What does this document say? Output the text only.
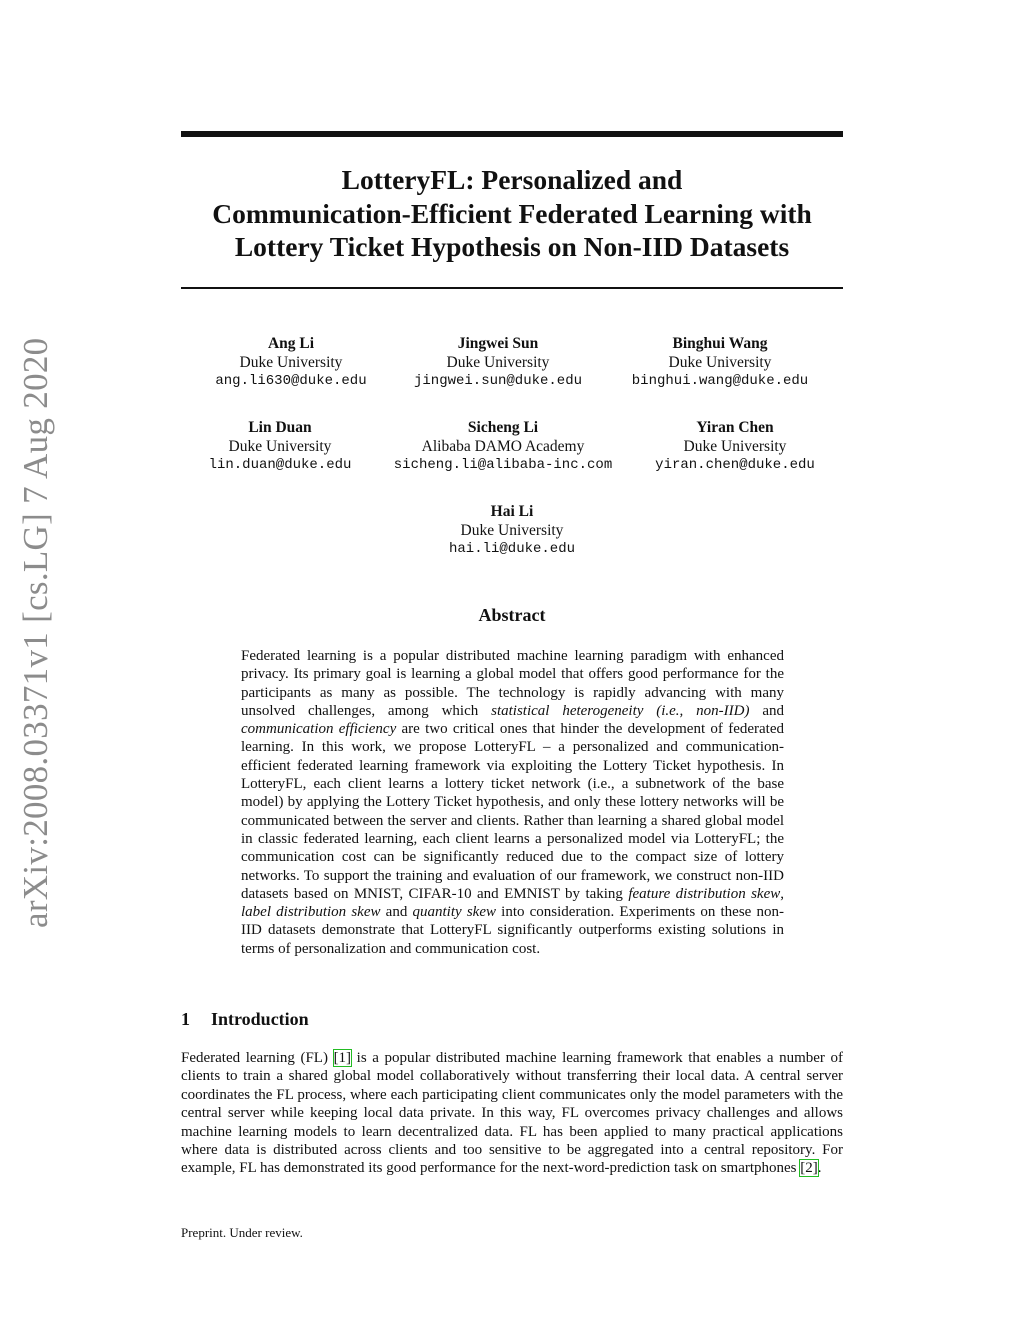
arXiv:2008.03371v1 [cs.LG] 7 Aug 2020
LotteryFL: Personalized and
Communication-Efficient Federated Learning with
Lottery Ticket Hypothesis on Non-IID Datasets
Ang Li
Duke University
ang.li630@duke.edu
Jingwei Sun
Duke University
jingwei.sun@duke.edu
Binghui Wang
Duke University
binghui.wang@duke.edu
Lin Duan
Duke University
lin.duan@duke.edu
Sicheng Li
Alibaba DAMO Academy
sicheng.li@alibaba-inc.com
Yiran Chen
Duke University
yiran.chen@duke.edu
Hai Li
Duke University
hai.li@duke.edu
Abstract
Federated learning is a popular distributed machine learning paradigm with enhanced privacy. Its primary goal is learning a global model that offers good performance for the participants as many as possible. The technology is rapidly advancing with many unsolved challenges, among which statistical heterogeneity (i.e., non-IID) and communication efficiency are two critical ones that hinder the development of federated learning. In this work, we propose LotteryFL – a personalized and communication-efficient federated learning framework via exploiting the Lottery Ticket hypothesis. In LotteryFL, each client learns a lottery ticket network (i.e., a subnetwork of the base model) by applying the Lottery Ticket hypothesis, and only these lottery networks will be communicated between the server and clients. Rather than learning a shared global model in classic federated learning, each client learns a personalized model via LotteryFL; the communication cost can be significantly reduced due to the compact size of lottery networks. To support the training and evaluation of our framework, we construct non-IID datasets based on MNIST, CIFAR-10 and EMNIST by taking feature distribution skew, label distribution skew and quantity skew into consideration. Experiments on these non-IID datasets demonstrate that LotteryFL significantly outperforms existing solutions in terms of personalization and communication cost.
1 Introduction
Federated learning (FL) [1] is a popular distributed machine learning framework that enables a number of clients to train a shared global model collaboratively without transferring their local data. A central server coordinates the FL process, where each participating client communicates only the model parameters with the central server while keeping local data private. In this way, FL overcomes privacy challenges and allows machine learning models to learn decentralized data. FL has been applied to many practical applications where data is distributed across clients and too sensitive to be aggregated into a central repository. For example, FL has demonstrated its good performance for the next-word-prediction task on smartphones [2].
Preprint. Under review.
